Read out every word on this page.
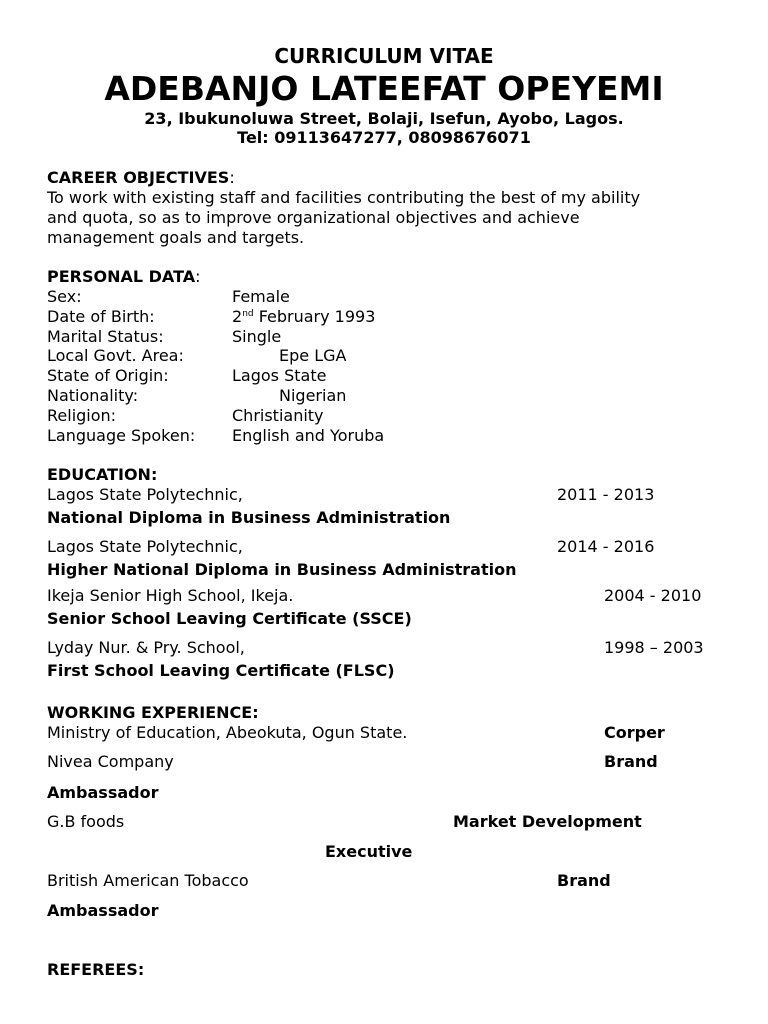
CURRICULUM VITAE
ADEBANJO LATEEFAT OPEYEMI
23, Ibukunoluwa Street, Bolaji, Isefun, Ayobo, Lagos.
Tel: 09113647277, 08098676071
CAREER OBJECTIVES:
To work with existing staff and facilities contributing the best of my ability
and quota, so as to improve organizational objectives and achieve
management goals and targets.
PERSONAL DATA:
Sex:	Female
Date of Birth:	2nd February 1993
Marital Status:	Single
Local Govt. Area:	Epe LGA
State of Origin:	Lagos State
Nationality:	Nigerian
Religion:	Christianity
Language Spoken: English and Yoruba
EDUCATION:
Lagos State Polytechnic,	2011 - 2013
National Diploma in Business Administration
Lagos State Polytechnic,	2014 - 2016
Higher National Diploma in Business Administration
Ikeja Senior High School, Ikeja.	2004 - 2010
Senior School Leaving Certificate (SSCE)
Lyday Nur. & Pry. School,	1998 – 2003
First School Leaving Certificate (FLSC)
WORKING EXPERIENCE:
Ministry of Education, Abeokuta, Ogun State.	Corper
Nivea Company	Brand
Ambassador
G.B foods	Market Development
Executive
British American Tobacco	Brand
Ambassador
REFEREES:
